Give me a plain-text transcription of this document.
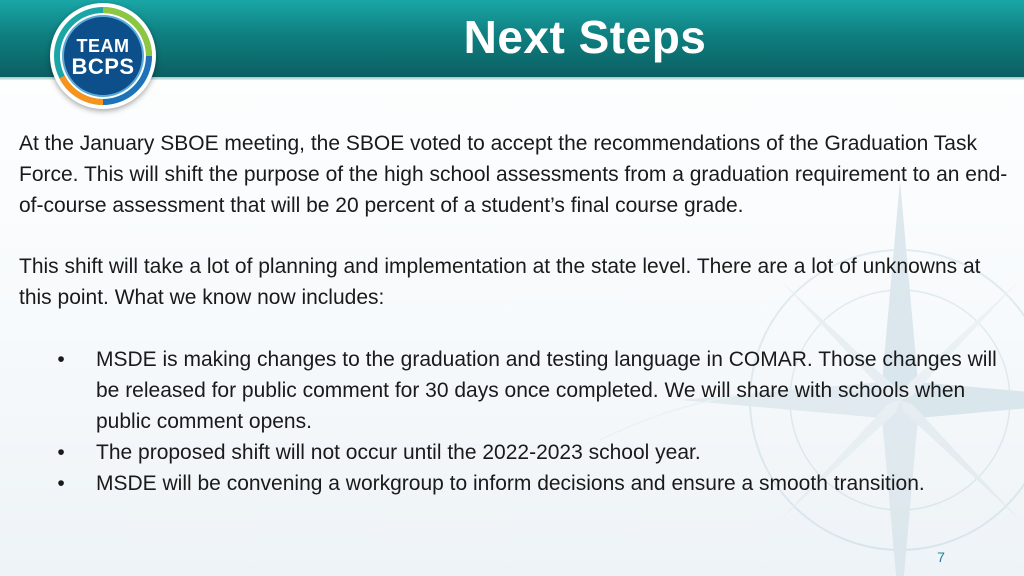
Next Steps
TEAM
BCPS

At the January SBOE meeting, the SBOE voted to accept the recommendations of the Graduation Task Force. This will shift the purpose of the high school assessments from a graduation requirement to an end-of-course assessment that will be 20 percent of a student’s final course grade.

This shift will take a lot of planning and implementation at the state level. There are a lot of unknowns at this point. What we know now includes:

• MSDE is making changes to the graduation and testing language in COMAR. Those changes will be released for public comment for 30 days once completed. We will share with schools when public comment opens.
• The proposed shift will not occur until the 2022-2023 school year.
• MSDE will be convening a workgroup to inform decisions and ensure a smooth transition.
7
